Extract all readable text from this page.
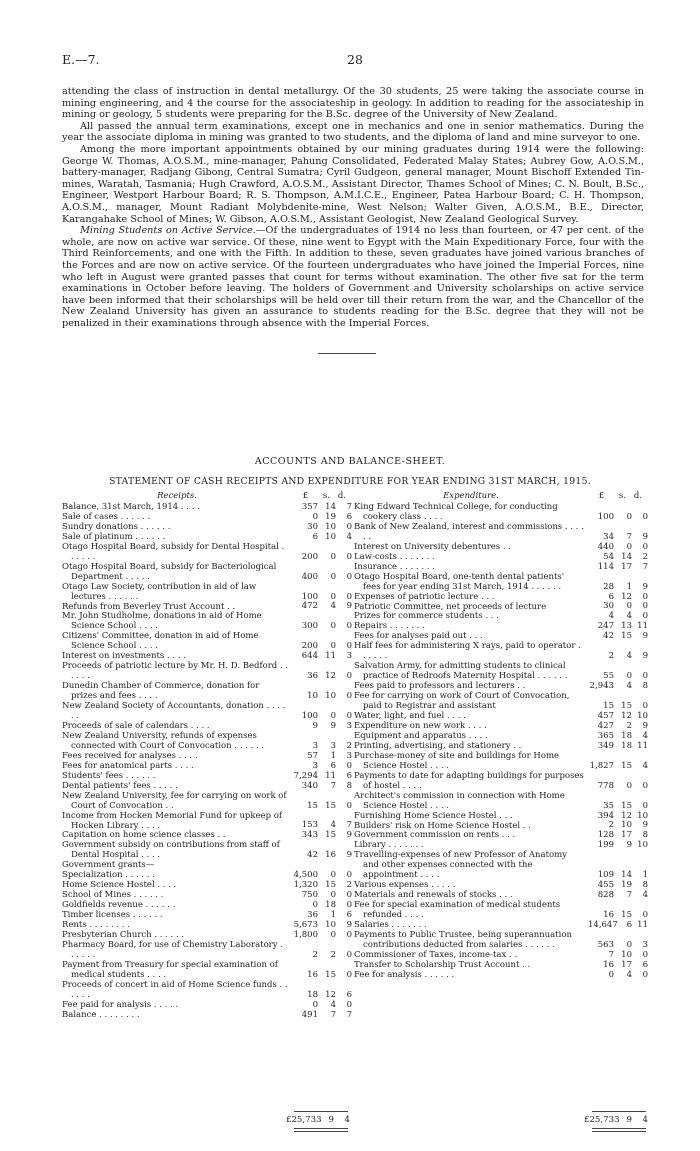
E.—7.	28

attending the class of instruction in dental metallurgy. Of the 30 students, 25 were taking the associate course in mining engineering, and 4 the course for the associateship in geology. In addition to reading for the associateship in mining or geology, 5 students were preparing for the B.Sc. degree of the University of New Zealand.

All passed the annual term examinations, except one in mechanics and one in senior mathematics. During the year the associate diploma in mining was granted to two students, and the diploma of land and mine surveyor to one.

Among the more important appointments obtained by our mining graduates during 1914 were the following: George W. Thomas, A.O.S.M., mine-manager, Pahung Consolidated, Federated Malay States; Aubrey Gow, A.O.S.M., battery-manager, Radjang Gibong, Central Sumatra; Cyril Gudgeon, general manager, Mount Bischoff Extended Tin-mines, Waratah, Tasmania; Hugh Crawford, A.O.S.M., Assistant Director, Thames School of Mines; C. N. Boult, B.Sc., Engineer, Westport Harbour Board; R. S. Thompson, A.M.I.C.E., Engineer, Patea Harbour Board; C. H. Thompson, A.O.S.M., manager, Mount Radiant Molybdenite-mine, West Nelson; Walter Given, A.O.S.M., B.E., Director, Karangahake School of Mines; W. Gibson, A.O.S.M., Assistant Geologist, New Zealand Geological Survey.

Mining Students on Active Service.—Of the undergraduates of 1914 no less than fourteen, or 47 per cent. of the whole, are now on active war service. Of these, nine went to Egypt with the Main Expeditionary Force, four with the Third Reinforcements, and one with the Fifth. In addition to these, seven graduates have joined various branches of the Forces and are now on active service. Of the fourteen undergraduates who have joined the Imperial Forces, nine who left in August were granted passes that count for terms without examination. The other five sat for the term examinations in October before leaving. The holders of Government and University scholarships on active service have been informed that their scholarships will be held over till their return from the war, and the Chancellor of the New Zealand University has given an assurance to students reading for the B.Sc. degree that they will not be penalized in their examinations through absence with the Imperial Forces.

ACCOUNTS AND BALANCE-SHEET.
STATEMENT OF CASH RECEIPTS AND EXPENDITURE FOR YEAR ENDING 31ST MARCH, 1915.
Receipts.	£ s. d.
Balance, 31st March, 1914 . . . .	357 14	7
Sale of cases . . . . . .	0 19	6
Sundry donations . . . . . .	30 10	0
Sale of platinum . . . . . .	6 10	4
Otago Hospital Board, subsidy for Dental Hospital . . . . . .	200	0	0
Otago Hospital Board, subsidy for Bacteriological Department . . . . .	400	0	0
Otago Law Society, contribution in aid of law lectures . . . . . .	100	0	0
Refunds from Beverley Trust Account . .	472	4	9
Mr. John Studholme, donations in aid of Home Science School . . . .	300	0	0
Citizens' Committee, donation in aid of Home Science School . . . .	200	0	0
Interest on investments . . . .	644 11	3
Proceeds of patriotic lecture by Mr. H. D. Bedford . . . . . .	36 12	0
Dunedin Chamber of Commerce, donation for prizes and fees . . . .	10 10	0
New Zealand Society of Accountants, donation . . . . . .	100	0	0
Proceeds of sale of calendars . . . .	9	9	3
New Zealand University, refunds of expenses connected with Court of Convocation . . . . . .	3	3	2
Fees received for analyses . . . .	57	1	3
Fees for anatomical parts . . . .	3	6	0
Students' fees . . . . . .	7,294 11	6
Dental patients' fees . . . . .	340	7	8
New Zealand University, fee for carrying on work of Court of Convocation . .	15 15	0
Income from Hocken Memorial Fund for upkeep of Hocken Library . . . .	153	4	7
Capitation on home science classes . .	343 15	9
Government subsidy on contributions from staff of Dental Hospital . . . .	42 16	9
Government grants—
Specialization . . . . . .	4,500	0	0
Home Science Hostel . . . .	1,320 15	2
School of Mines . . . . . .	750	0	0
Goldfields revenue . . . . . .	0 18	0
Timber licenses . . . . . .	36	1	6
Rents . . . . . . . .	5,673 10	9
Presbyterian Church . . . . . .	1,800	0	0
Pharmacy Board, for use of Chemistry Laboratory . . . . . .	2	2	0
Payment from Treasury for special examination of medical students . . . .	16 15	0
Proceeds of concert in aid of Home Science funds . . . . . .	18 12	6
Fee paid for analysis . . . . .	0	4	0
Balance . . . . . . . .	491	7	7
Expenditure.	£ s. d.
King Edward Technical College, for conducting cookery class . . . .	100	0	0
Bank of New Zealand, interest and commissions . . . . . .	34	7	9
Interest on University debentures . .	440	0	0
Law-costs . . . . . . .	54 14	2
Insurance . . . . . . .	114 17	7
Otago Hospital Board, one-tenth dental patients' fees for year ending 31st March, 1914 . . . . . .	28	1	9
Expenses of patriotic lecture . . .	6 12	0
Patriotic Committee, net proceeds of lecture	30	0	0
Prizes for commerce students . . .	4	4	0
Repairs . . . . . . .	247 13 11
Fees for analyses paid out . . .	42 15	9
Half fees for administering X rays, paid to operator . . . . . .	2	4	9
Salvation Army, for admitting students to clinical practice of Redroofs Maternity Hospital . . . . . .	55	0	0
Fees paid to professors and lecturers . .	2,943	4	8
Fee for carrying on work of Court of Convocation, paid to Registrar and assistant	15 15	0
Water, light, and fuel . . . .	457 12 10
Expenditure on new work . . . .	427	2	9
Equipment and apparatus . . . .	365 18	4
Printing, advertising, and stationery . .	349 18 11
Purchase-money of site and buildings for Home Science Hostel . . . .	1,827 15	4
Payments to date for adapting buildings for purposes of hostel . . . .	778	0	0
Architect's commission in connection with Home Science Hostel . . . .	35 15	0
Furnishing Home Science Hostel . . .	394 12 10
Builders' risk on Home Science Hostel . .	2 10	9
Government commission on rents . . .	128 17	8
Library . . . . . . .	199	9 10
Travelling-expenses of new Professor of Anatomy and other expenses connected with the appointment . . . .	109 14	1
Various expenses . . . . .	455 19	8
Materials and renewals of stocks . . .	828	7	4
Fee for special examination of medical students refunded . . . .	16 15	0
Salaries . . . . . . .	14,647	6 11
Payments to Public Trustee, being superannuation contributions deducted from salaries . . . . . .	563	0	3
Commissioner of Taxes, income-tax . .	7 10	0
Transfer to Scholarship Trust Account . .	16 17	6
Fee for analysis . . . . . .	0	4	0
£25,733 9	4	£25,733 9	4
